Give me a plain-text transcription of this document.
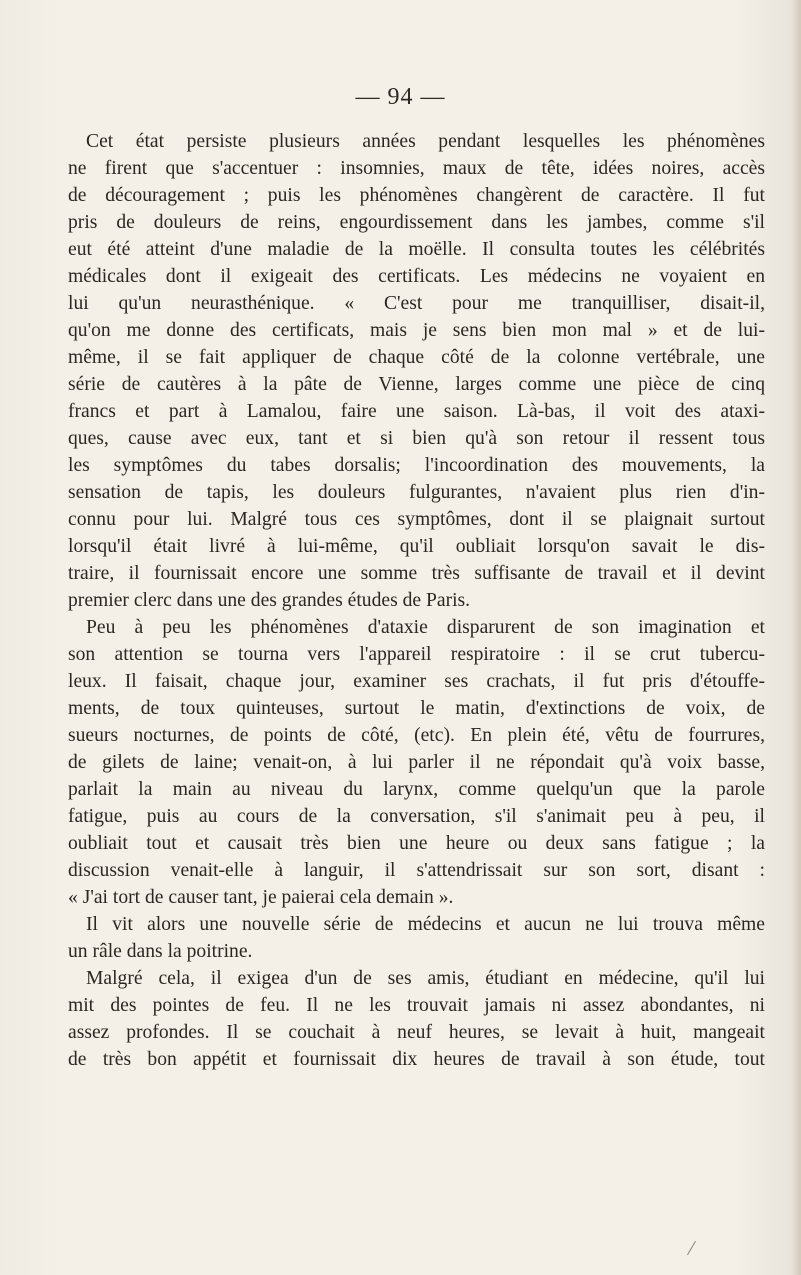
— 94 —
Cet état persiste plusieurs années pendant lesquelles les phénomènes
ne firent que s'accentuer : insomnies, maux de tête, idées noires, accès
de découragement ; puis les phénomènes changèrent de caractère. Il fut
pris de douleurs de reins, engourdissement dans les jambes, comme s'il
eut été atteint d'une maladie de la moëlle. Il consulta toutes les célébrités
médicales dont il exigeait des certificats. Les médecins ne voyaient en
lui qu'un neurasthénique. « C'est pour me tranquilliser, disait-il,
qu'on me donne des certificats, mais je sens bien mon mal » et de lui-
même, il se fait appliquer de chaque côté de la colonne vertébrale, une
série de cautères à la pâte de Vienne, larges comme une pièce de cinq
francs et part à Lamalou, faire une saison. Là-bas, il voit des ataxi-
ques, cause avec eux, tant et si bien qu'à son retour il ressent tous
les symptômes du tabes dorsalis; l'incoordination des mouvements, la
sensation de tapis, les douleurs fulgurantes, n'avaient plus rien d'in-
connu pour lui. Malgré tous ces symptômes, dont il se plaignait surtout
lorsqu'il était livré à lui-même, qu'il oubliait lorsqu'on savait le dis-
traire, il fournissait encore une somme très suffisante de travail et il devint
premier clerc dans une des grandes études de Paris.
Peu à peu les phénomènes d'ataxie disparurent de son imagination et
son attention se tourna vers l'appareil respiratoire : il se crut tubercu-
leux. Il faisait, chaque jour, examiner ses crachats, il fut pris d'étouffe-
ments, de toux quinteuses, surtout le matin, d'extinctions de voix, de
sueurs nocturnes, de points de côté, (etc). En plein été, vêtu de fourrures,
de gilets de laine; venait-on, à lui parler il ne répondait qu'à voix basse,
parlait la main au niveau du larynx, comme quelqu'un que la parole
fatigue, puis au cours de la conversation, s'il s'animait peu à peu, il
oubliait tout et causait très bien une heure ou deux sans fatigue ; la
discussion venait-elle à languir, il s'attendrissait sur son sort, disant :
« J'ai tort de causer tant, je paierai cela demain ».
Il vit alors une nouvelle série de médecins et aucun ne lui trouva même
un râle dans la poitrine.
Malgré cela, il exigea d'un de ses amis, étudiant en médecine, qu'il lui
mit des pointes de feu. Il ne les trouvait jamais ni assez abondantes, ni
assez profondes. Il se couchait à neuf heures, se levait à huit, mangeait
de très bon appétit et fournissait dix heures de travail à son étude, tout
